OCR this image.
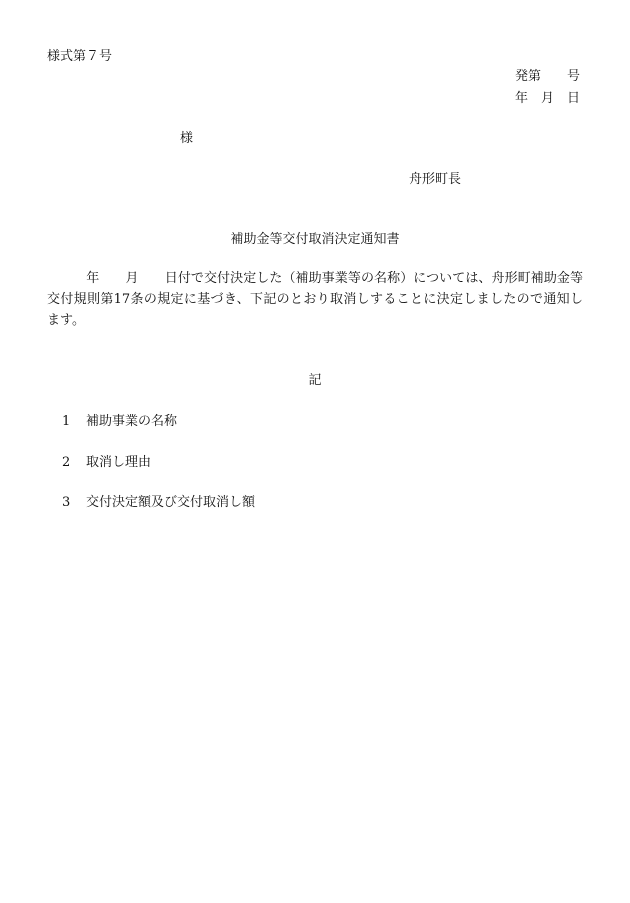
様式第７号
発第　　号
年　月　日
様
舟形町長
補助金等交付取消決定通知書
　　　年　　月　　日付で交付決定した（補助事業等の名称）については、舟形町補助金等交付規則第17条の規定に基づき、下記のとおり取消しすることに決定しましたので通知します。
記
1 補助事業の名称
2 取消し理由
3 交付決定額及び交付取消し額
